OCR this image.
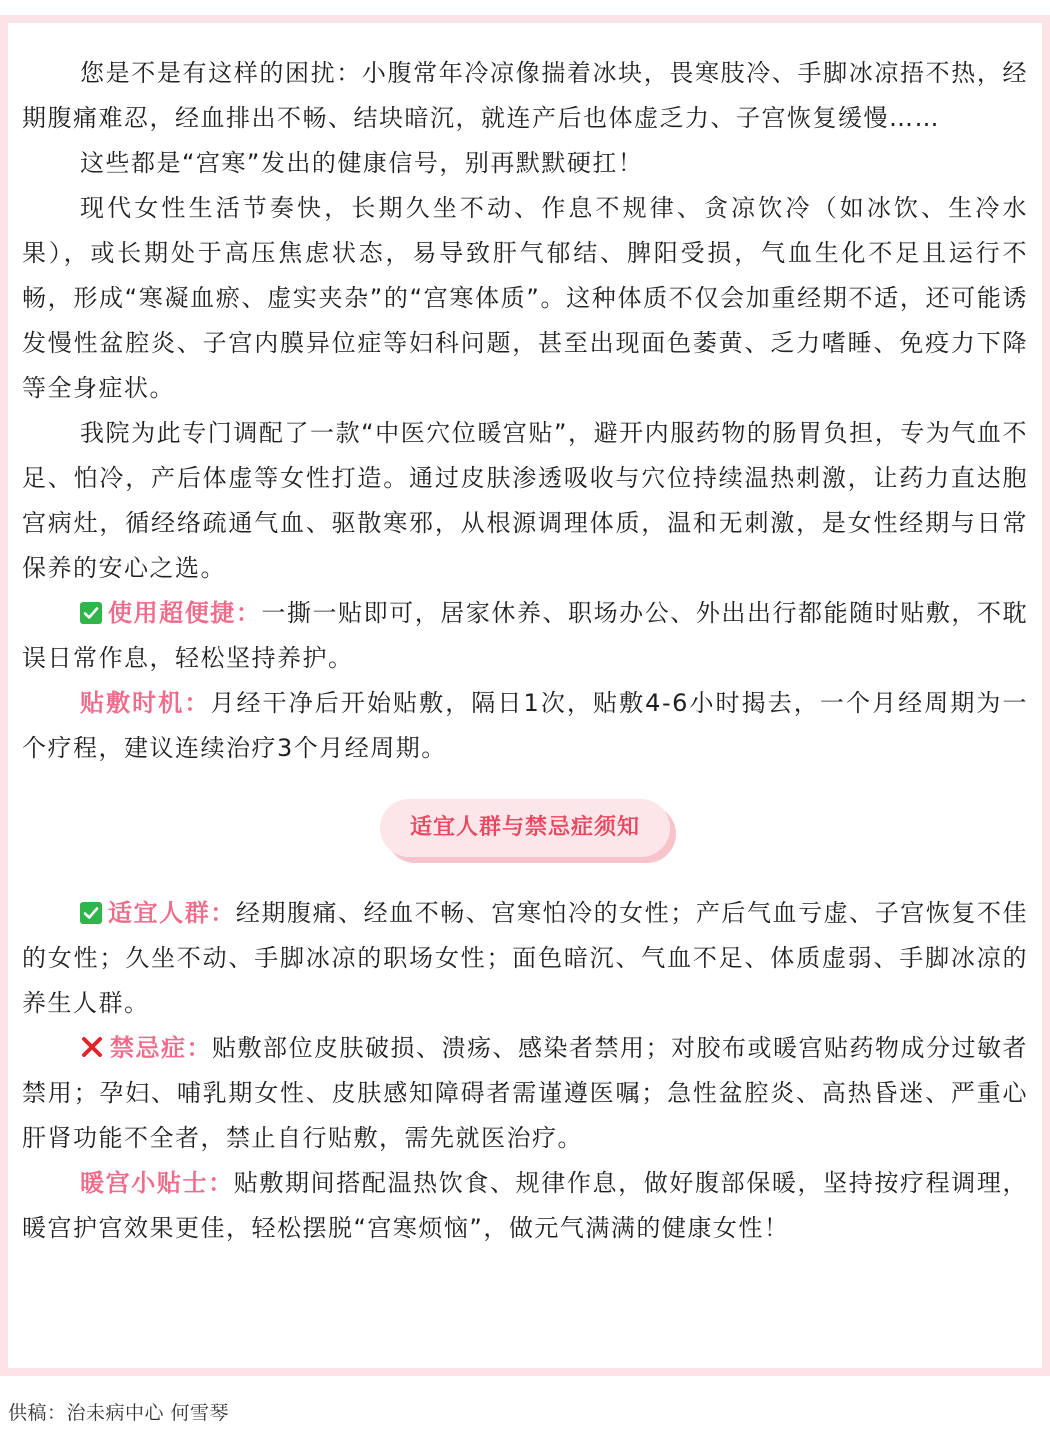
您是不是有这样的困扰：小腹常年冷凉像揣着冰块，畏寒肢冷、手脚冰凉捂不热，经期腹痛难忍，经血排出不畅、结块暗沉，就连产后也体虚乏力、子宫恢复缓慢……

这些都是“宫寒”发出的健康信号，别再默默硬扛！

现代女性生活节奏快，长期久坐不动、作息不规律、贪凉饮冷（如冰饮、生冷水果），或长期处于高压焦虑状态，易导致肝气郁结、脾阳受损，气血生化不足且运行不畅，形成“寒凝血瘀、虚实夹杂”的“宫寒体质”。这种体质不仅会加重经期不适，还可能诱发慢性盆腔炎、子宫内膜异位症等妇科问题，甚至出现面色萎黄、乏力嗜睡、免疫力下降等全身症状。

我院为此专门调配了一款“中医穴位暖宫贴”，避开内服药物的肠胃负担，专为气血不足、怕冷，产后体虚等女性打造。通过皮肤渗透吸收与穴位持续温热刺激，让药力直达胞宫病灶，循经络疏通气血、驱散寒邪，从根源调理体质，温和无刺激，是女性经期与日常保养的安心之选。

使用超便捷：一撕一贴即可，居家休养、职场办公、外出出行都能随时贴敷，不耽误日常作息，轻松坚持养护。

贴敷时机：月经干净后开始贴敷，隔日1次，贴敷4-6小时揭去，一个月经周期为一个疗程，建议连续治疗3个月经周期。

适宜人群与禁忌症须知

适宜人群：经期腹痛、经血不畅、宫寒怕冷的女性；产后气血亏虚、子宫恢复不佳的女性；久坐不动、手脚冰凉的职场女性；面色暗沉、气血不足、体质虚弱、手脚冰凉的养生人群。

禁忌症：贴敷部位皮肤破损、溃疡、感染者禁用；对胶布或暖宫贴药物成分过敏者禁用；孕妇、哺乳期女性、皮肤感知障碍者需谨遵医嘱；急性盆腔炎、高热昏迷、严重心肝肾功能不全者，禁止自行贴敷，需先就医治疗。

暖宫小贴士：贴敷期间搭配温热饮食、规律作息，做好腹部保暖，坚持按疗程调理，暖宫护宫效果更佳，轻松摆脱“宫寒烦恼”，做元气满满的健康女性！

供稿：治未病中心 何雪琴
